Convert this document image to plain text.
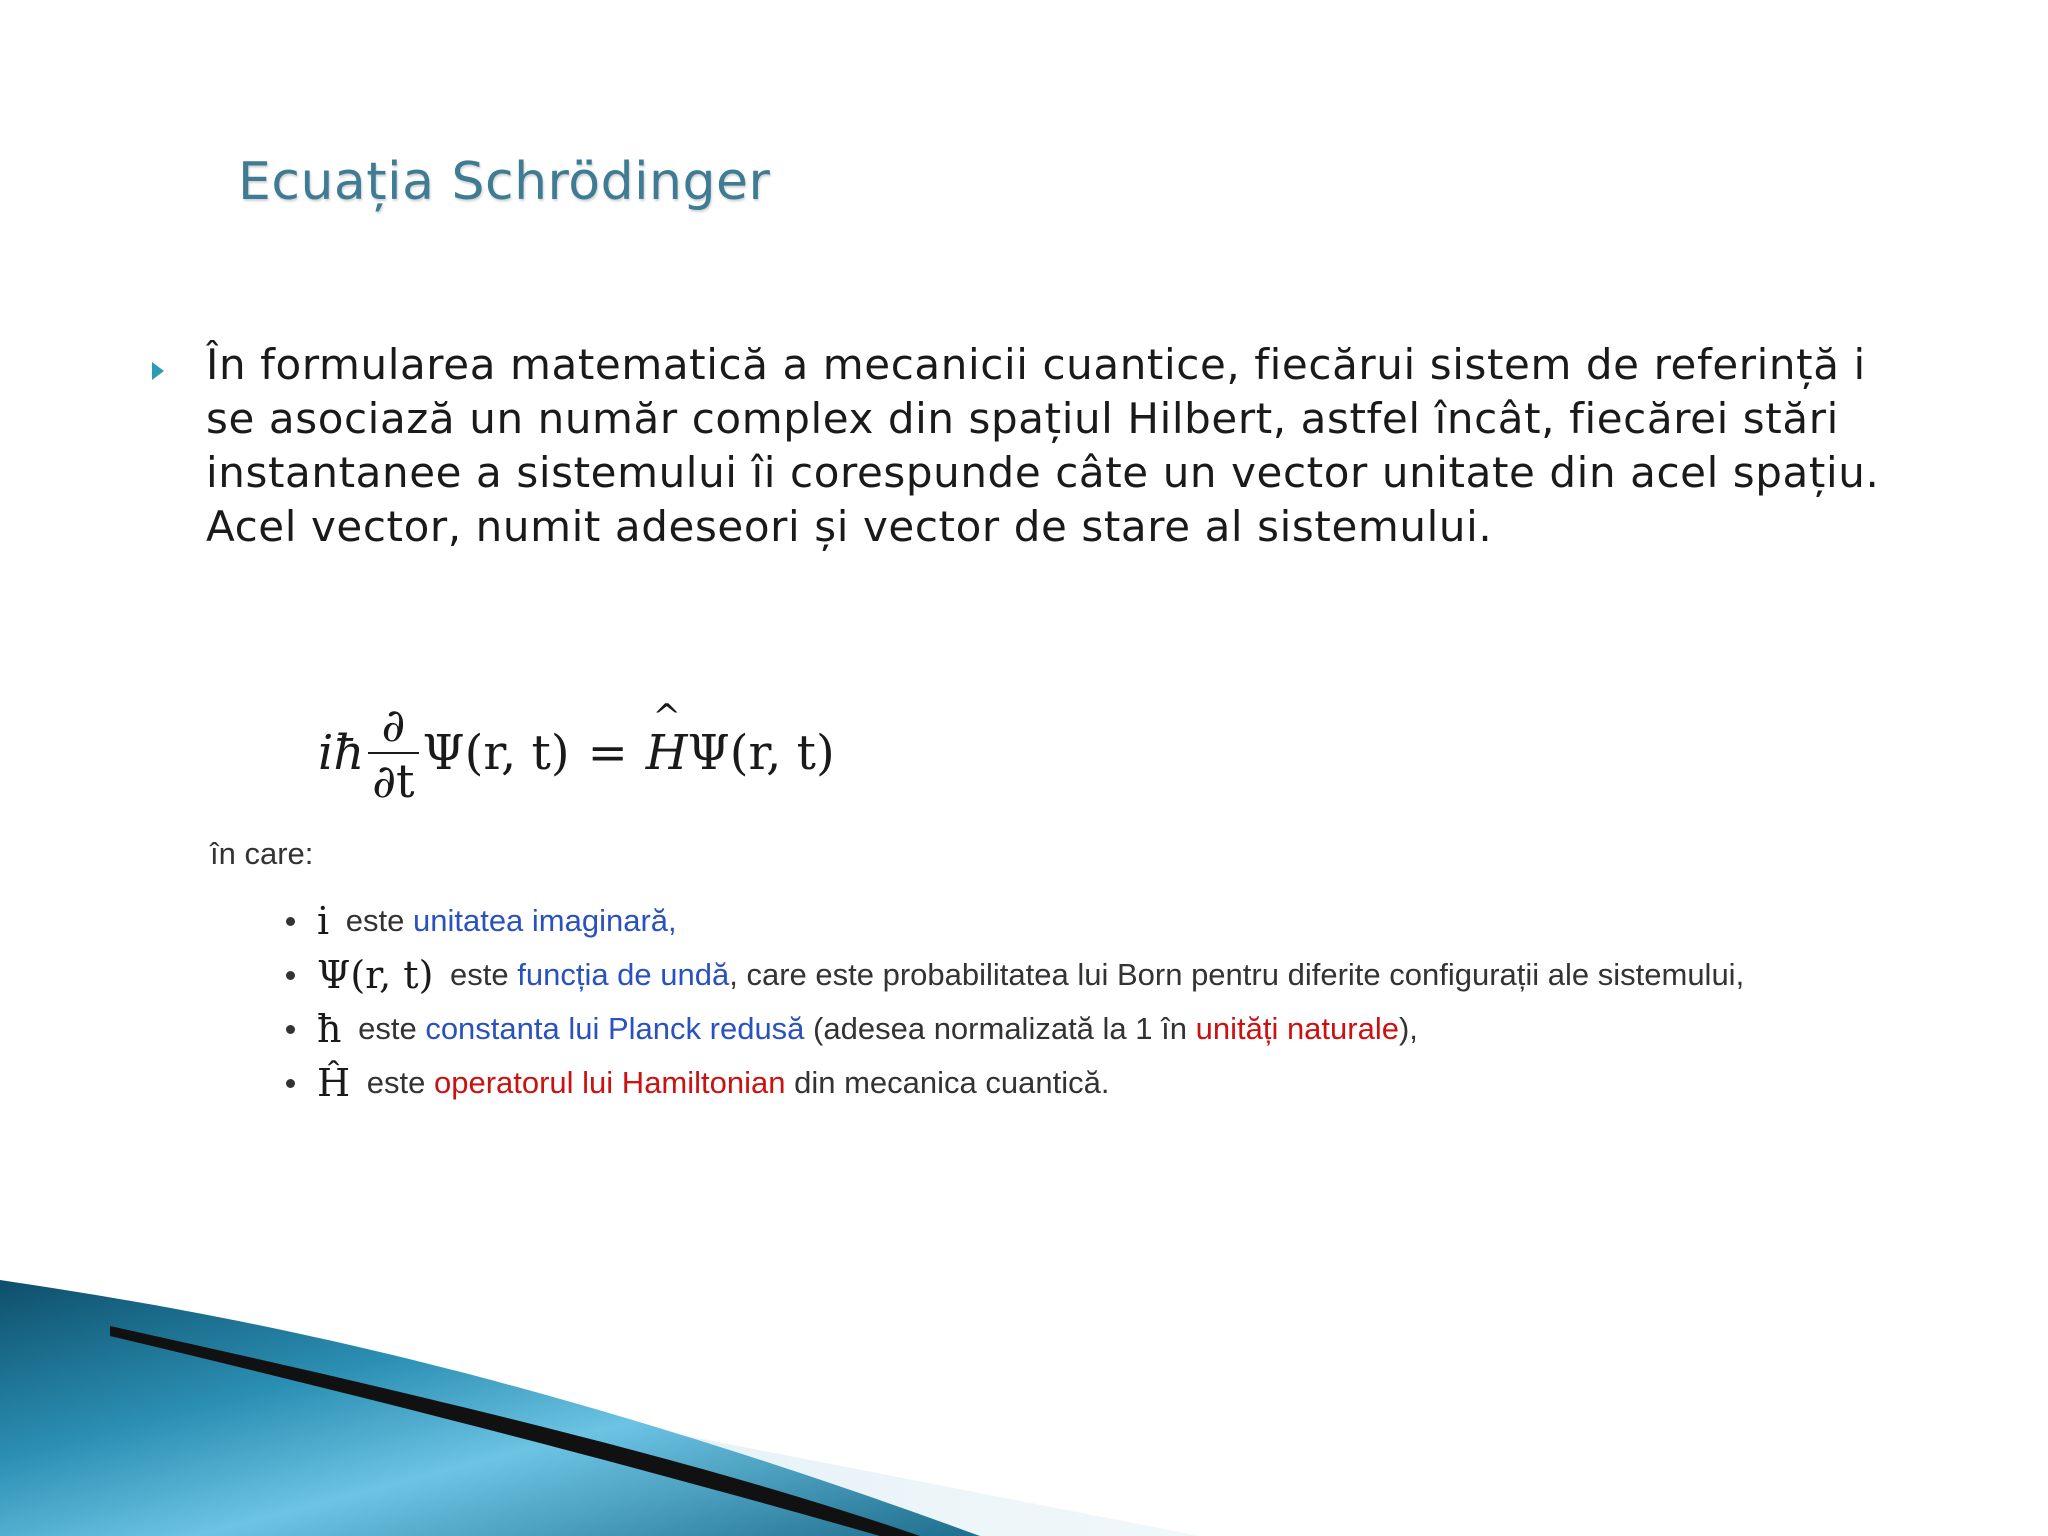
Ecuația Schrödinger
În formularea matematică a mecanicii cuantice, fiecărui sistem de referință i
se asociază un număr complex din spațiul Hilbert, astfel încât, fiecărei stări
instantanee a sistemului îi corespunde câte un vector unitate din acel spațiu.
Acel vector, numit adeseori și vector de stare al sistemului.
iħ $\frac{\partial}{\partial t} \Psi(r$, t) =
^ H Ψ(r, t)
în care:
i este unitatea imaginară ,
Ψ(r, t) este funcția de undă , care este probabilitatea lui Born pentru diferite configurații ale sistemului,
ħ este constanta lui Planck redusă (adesea normalizată la 1 în unități naturale ),
Ĥ este operatorul lui Hamiltonian din mecanica cuantică.
